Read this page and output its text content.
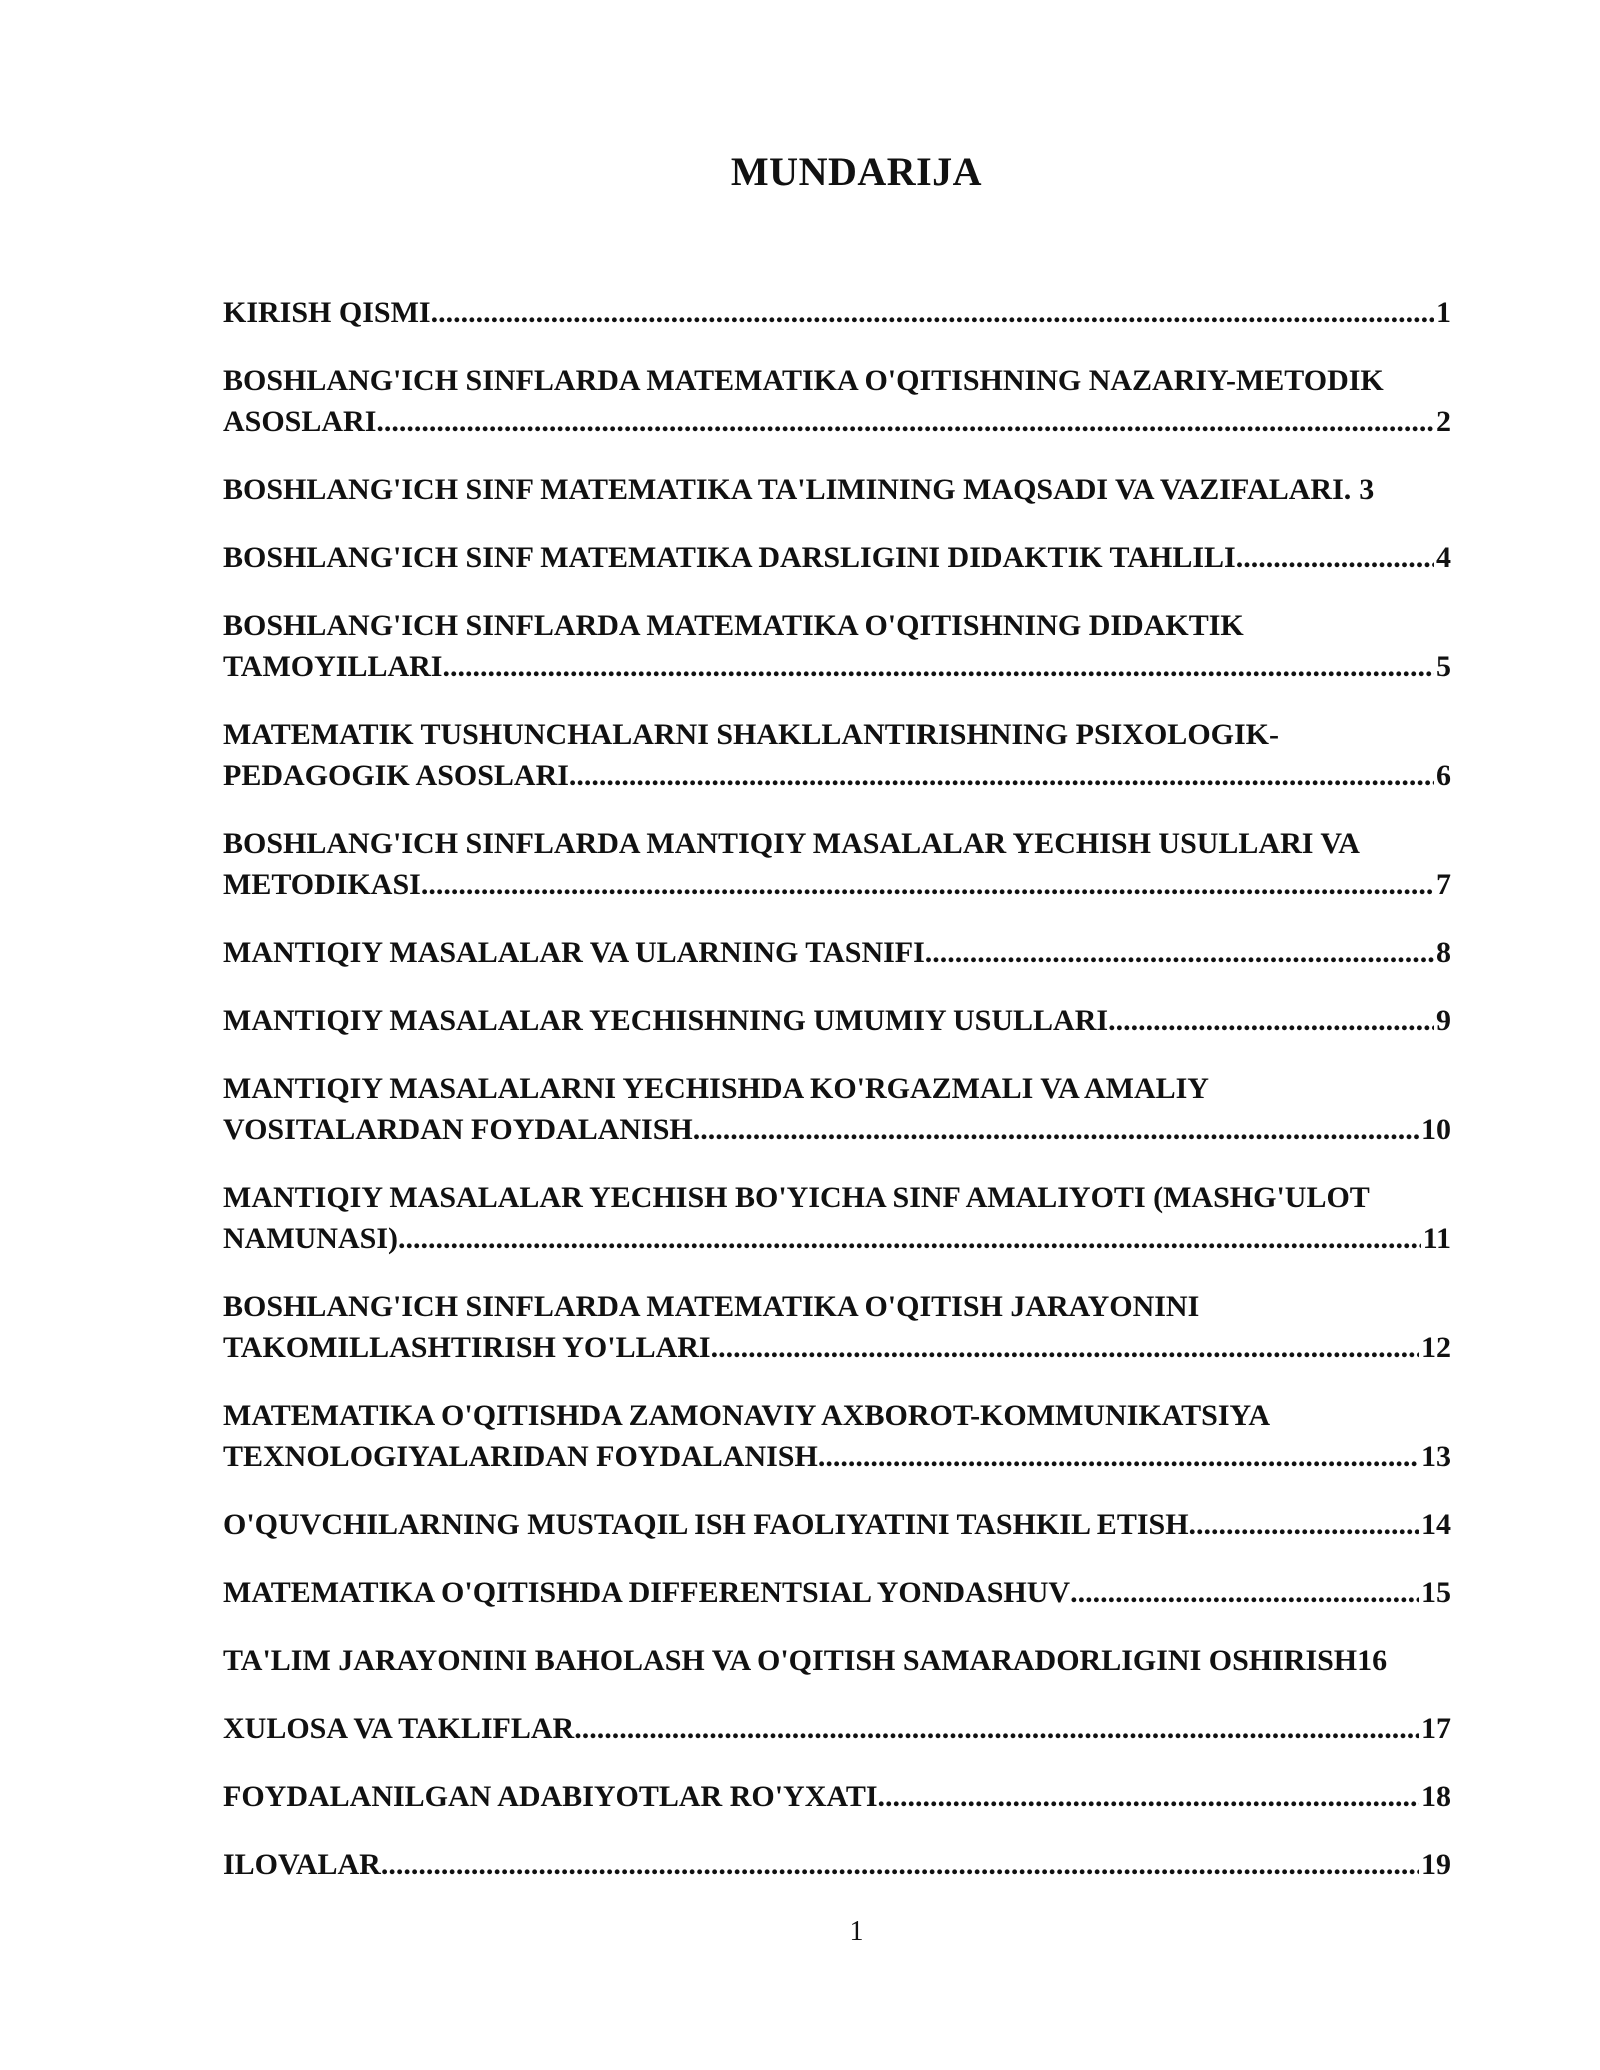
MUNDARIJA
KIRISH QISMI .....	1
BOSHLANG'ICH SINFLARDA MATEMATIKA O'QITISHNING NAZARIY-METODIK
ASOSLARI .....	2
BOSHLANG'ICH SINF MATEMATIKA TA'LIMINING MAQSADI VA VAZIFALARI. 3
BOSHLANG'ICH SINF MATEMATIKA DARSLIGINI DIDAKTIK TAHLILI .....	4
BOSHLANG'ICH SINFLARDA MATEMATIKA O'QITISHNING DIDAKTIK
TAMOYILLARI .....	5
MATEMATIK TUSHUNCHALARNI SHAKLLANTIRISHNING PSIXOLOGIK-
PEDAGOGIK ASOSLARI .....	6
BOSHLANG'ICH SINFLARDA MANTIQIY MASALALAR YECHISH USULLARI VA
METODIKASI .....	7
MANTIQIY MASALALAR VA ULARNING TASNIFI .....	8
MANTIQIY MASALALAR YECHISHNING UMUMIY USULLARI .....	9
MANTIQIY MASALALARNI YECHISHDA KO'RGAZMALI VA AMALIY
VOSITALARDAN FOYDALANISH .....	10
MANTIQIY MASALALAR YECHISH BO'YICHA SINF AMALIYOTI (MASHG'ULOT
NAMUNASI) .....	11
BOSHLANG'ICH SINFLARDA MATEMATIKA O'QITISH JARAYONINI
TAKOMILLASHTIRISH YO'LLARI .....	12
MATEMATIKA O'QITISHDA ZAMONAVIY AXBOROT-KOMMUNIKATSIYA
TEXNOLOGIYALARIDAN FOYDALANISH .....	13
O'QUVCHILARNING MUSTAQIL ISH FAOLIYATINI TASHKIL ETISH .....	14
MATEMATIKA O'QITISHDA DIFFERENTSIAL YONDASHUV .....	15
TA'LIM JARAYONINI BAHOLASH VA O'QITISH SAMARADORLIGINI OSHIRISH 16
XULOSA VA TAKLIFLAR .....	17
FOYDALANILGAN ADABIYOTLAR RO'YXATI .....	18
ILOVALAR .....	19
1
